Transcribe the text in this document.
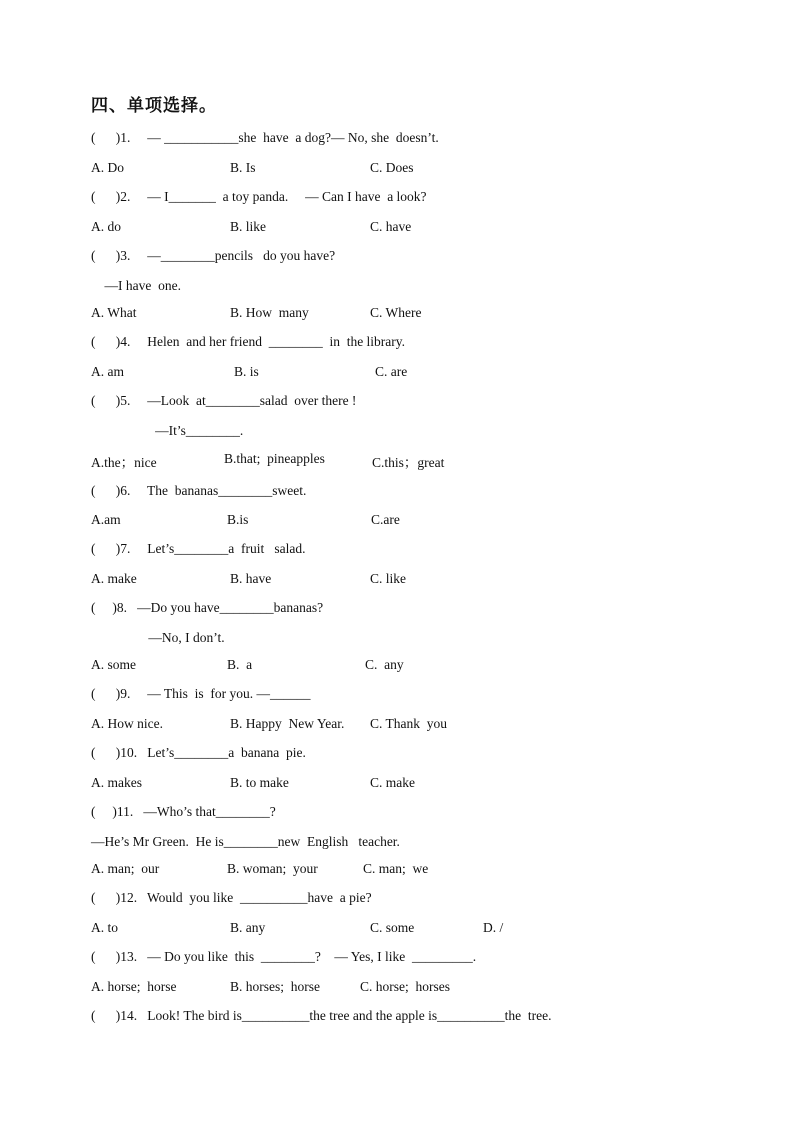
四、单项选择。
(      )1.     — ___________she  have  a dog?— No, she  doesn’t.
A. Do	B. Is	C. Does
(      )2.     — I_______  a toy panda.     — Can I have  a look?
A. do	B. like	C. have
(      )3.     —________pencils   do you have?
—I have  one.
A. What	B. How  many	C. Where
(      )4.     Helen  and her friend  ________  in  the library.
A. am	B. is	C. are
(      )5.     —Look  at________salad  over there !
—It’s________.
A.the；nice	B.that;  pineapples	C.this；great
(      )6.     The  bananas________sweet.
A.am	B.is	C.are
(      )7.     Let’s________a  fruit   salad.
A. make	B. have	C. like
(     )8.   —Do you have________bananas?
—No, I don’t.
A. some	B.  a	C.  any
(      )9.     — This  is  for you. —______
A. How nice.	B. Happy  New Year. C. Thank  you
(      )10.   Let’s________a  banana  pie.
A. makes	B. to make	C. make
(     )11.   —Who’s that________?
—He’s Mr Green.  He is________new  English   teacher.
A. man;  our	B. woman;  your	C. man;  we
(      )12.   Would  you like  __________have  a pie?
A. to	B. any	C. some	D. /
(      )13.   — Do you like  this  ________?    — Yes, I like  _________.
A. horse;  horse	B. horses;  horse	C. horse;  horses
(      )14.   Look! The bird is__________the tree and the apple is__________the  tree.
